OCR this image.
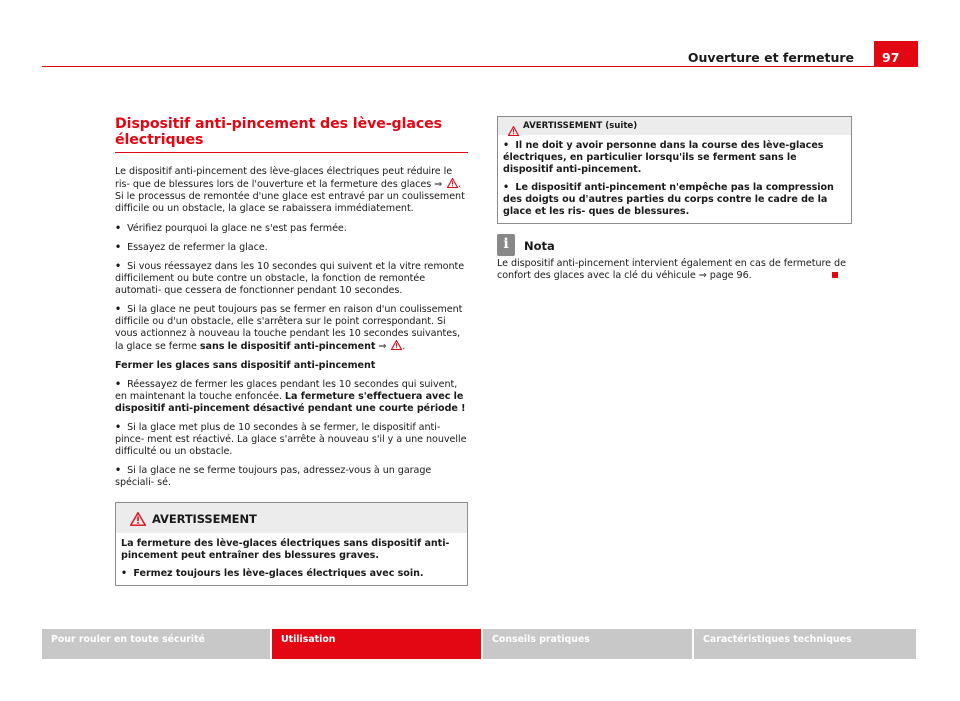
Ouverture et fermeture	97
Dispositif anti-pincement des lève-glaces électriques
Le dispositif anti-pincement des lève-glaces électriques peut réduire le ris- que de blessures lors de l'ouverture et la fermeture des glaces ⇒
. Si le processus de remontée d'une glace est entravé par un coulissement difficile ou un obstacle, la glace se rabaissera immédiatement.
• Vérifiez pourquoi la glace ne s'est pas fermée.
• Essayez de refermer la glace.
• Si vous réessayez dans les 10 secondes qui suivent et la vitre remonte difficilement ou bute contre un obstacle, la fonction de remontée automati- que cessera de fonctionner pendant 10 secondes.
• Si la glace ne peut toujours pas se fermer en raison d'un coulissement difficile ou d'un obstacle, elle s'arrêtera sur le point correspondant. Si vous actionnez à nouveau la touche pendant les 10 secondes suivantes, la glace se ferme sans le dispositif anti-pincement ⇒
.
Fermer les glaces sans dispositif anti-pincement
• Réessayez de fermer les glaces pendant les 10 secondes qui suivent, en maintenant la touche enfoncée. La fermeture s'effectuera avec le dispositif anti-pincement désactivé pendant une courte période !
• Si la glace met plus de 10 secondes à se fermer, le dispositif anti-pince- ment est réactivé. La glace s'arrête à nouveau s'il y a une nouvelle difficulté ou un obstacle.
• Si la glace ne se ferme toujours pas, adressez-vous à un garage spéciali- sé.
AVERTISSEMENT
La fermeture des lève-glaces électriques sans dispositif anti-pincement peut entraîner des blessures graves.
• Fermez toujours les lève-glaces électriques avec soin.
AVERTISSEMENT (suite)
• Il ne doit y avoir personne dans la course des lève-glaces électriques, en particulier lorsqu'ils se ferment sans le dispositif anti-pincement.
• Le dispositif anti-pincement n'empêche pas la compression des doigts ou d'autres parties du corps contre le cadre de la glace et les ris- ques de blessures.
i	Nota
Le dispositif anti-pincement intervient également en cas de fermeture de confort des glaces avec la clé du véhicule ⇒ page 96.
Pour rouler en toute sécurité	Utilisation	Conseils pratiques	Caractéristiques techniques
